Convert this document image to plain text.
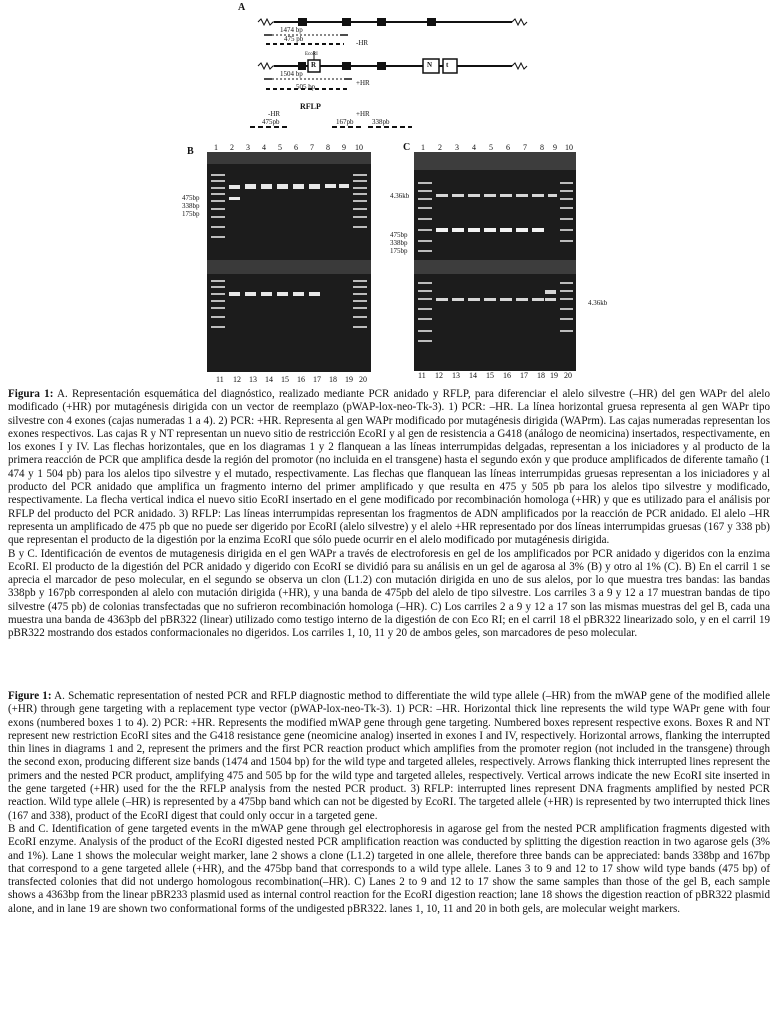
A
1474 bp
475 pb	-HR
EcoRI
R	N t
1504 bp
505 bp	+HR
RFLP
-HR
475pb
+HR
167pb	338pb
B	1 2 3 4 5 6 7 8 9 10
475bp
338bp
175bp
11 12 13 14 15 16 17 18 19 20
C 1 2 3 4 5 6 7 8 9 10
4.36kb
475bp
338bp
175bp
4.36kb
11 12 13 14 15 16 17 18 19 20

Figura 1: A. Representación esquemática del diagnóstico, realizado mediante PCR anidado y RFLP, para diferenciar el alelo silvestre (–HR) del gen WAPr del alelo modificado (+HR) por mutagénesis dirigida con un vector de reemplazo (pWAP-lox-neo-Tk-3). 1) PCR: –HR. La línea horizontal gruesa representa al gen WAPr tipo silvestre con 4 exones (cajas numeradas 1 a 4). 2) PCR: +HR. Representa al gen WAPr modificado por mutagénesis dirigida (WAPrm). Las cajas numeradas representan los exones respectivos. Las cajas R y NT representan un nuevo sitio de restricción EcoRI y al gen de resistencia a G418 (análogo de neomicina) insertados, respectivamente, en los exones I y IV. Las flechas horizontales, que en los diagramas 1 y 2 flanquean a las líneas interrumpidas delgadas, representan a los iniciadores y al producto de la primera reacción de PCR que amplifica desde la región del promotor (no incluida en el transgene) hasta el segundo exón y que produce amplificados de diferente tamaño (1 474 y 1 504 pb) para los alelos tipo silvestre y el mutado, respectivamente. Las flechas que flanquean las líneas interrumpidas gruesas representan a los iniciadores y al producto del PCR anidado que amplifica un fragmento interno del primer amplificado y que resulta en 475 y 505 pb para los alelos tipo silvestre y modificado, respectivamente. La flecha vertical indica el nuevo sitio EcoRI insertado en el gene modificado por recombinación homologa (+HR) y que es utilizado para el análisis por RFLP del producto del PCR anidado. 3) RFLP: Las líneas interrumpidas representan los fragmentos de ADN amplificados por la reacción de PCR anidado. El alelo –HR representa un amplificado de 475 pb que no puede ser digerido por EcoRI (alelo silvestre) y el alelo +HR representado por dos líneas interrumpidas gruesas (167 y 338 pb) que representan el producto de la digestión por la enzima EcoRI que sólo puede ocurrir en el alelo modificado por mutagénesis dirigida.

B y C. Identificación de eventos de mutagenesis dirigida en el gen WAPr a través de electroforesis en gel de los amplificados por PCR anidado y digeridos con la enzima EcoRI. El producto de la digestión del PCR anidado y digerido con EcoRI se dividió para su análisis en un gel de agarosa al 3% (B) y otro al 1% (C). B) En el carril 1 se aprecia el marcador de peso molecular, en el segundo se observa un clon (L1.2) con mutación dirigida en uno de sus alelos, por lo que muestra tres bandas: las bandas 338pb y 167pb corresponden al alelo con mutación dirigida (+HR), y una banda de 475pb del alelo de tipo silvestre. Los carriles 3 a 9 y 12 a 17 muestran bandas de tipo silvestre (475 pb) de colonias transfectadas que no sufrieron recombinación homologa (–HR). C) Los carriles 2 a 9 y 12 a 17 son las mismas muestras del gel B, cada una muestra una banda de 4363pb del pBR322 (linear) utilizado como testigo interno de la digestión de con Eco RI; en el carril 18 el pBR322 linearizado solo, y en el carril 19 pBR322 mostrando dos estados conformacionales no digeridos. Los carriles 1, 10, 11 y 20 de ambos geles, son marcadores de peso molecular.

Figure 1: A. Schematic representation of nested PCR and RFLP diagnostic method to differentiate the wild type allele (–HR) from the mWAP gene of the modified allele (+HR) through gene targeting with a replacement type vector (pWAP-lox-neo-Tk-3). 1) PCR: –HR. Horizontal thick line represents the wild type WAPr gene with four exons (numbered boxes 1 to 4). 2) PCR: +HR. Represents the modified mWAP gene through gene targeting. Numbered boxes represent respective exons. Boxes R and NT represent new restriction EcoRI sites and the G418 resistance gene (neomicine analog) inserted in exones I and IV, respectively. Horizontal arrows, flanking the interrupted thin lines in diagrams 1 and 2, represent the primers and the first PCR reaction product which amplifies from the promoter region (not included in the transgene) through the second exon, producing different size bands (1474 and 1504 bp) for the wild type and targeted alleles, respectively. Arrows flanking thick interrupted lines represent the primers and the nested PCR product, amplifying 475 and 505 bp for the wild type and targeted alleles, respectively. Vertical arrows indicate the new EcoRI site inserted in the gene targeted (+HR) used for the the RFLP analysis from the nested PCR product. 3) RFLP: interrupted lines represent DNA fragments amplified by nested PCR reaction. Wild type allele (–HR) is represented by a 475bp band which can not be digested by EcoRI. The targeted allele (+HR) is represented by two interrupted thick lines (167 and 338), product of the EcoRI digest that could only occur in a targeted gene.

B and C. Identification of gene targeted events in the mWAP gene through gel electrophoresis in agarose gel from the nested PCR amplification fragments digested with EcoRI enzyme. Analysis of the product of the EcoRI digested nested PCR amplification reaction was conducted by splitting the digestion reaction in two agarose gels (3% and 1%). Lane 1 shows the molecular weight marker, lane 2 shows a clone (L1.2) targeted in one allele, therefore three bands can be appreciated: bands 338bp and 167bp that correspond to a gene targeted allele (+HR), and the 475bp band that corresponds to a wild type allele. Lanes 3 to 9 and 12 to 17 show wild type bands (475 bp) of transfected colonies that did not undergo homologous recombination(–HR). C) Lanes 2 to 9 and 12 to 17 show the same samples than those of the gel B, each sample shows a 4363bp from the linear pBR233 plasmid used as internal control reaction for the EcoRI digestion reaction; lane 18 shows the digestion reaction of pBR322 plasmid alone, and in lane 19 are shown two conformational forms of the undigested pBR322. lanes 1, 10, 11 and 20 in both gels, are molecular weight markers.
